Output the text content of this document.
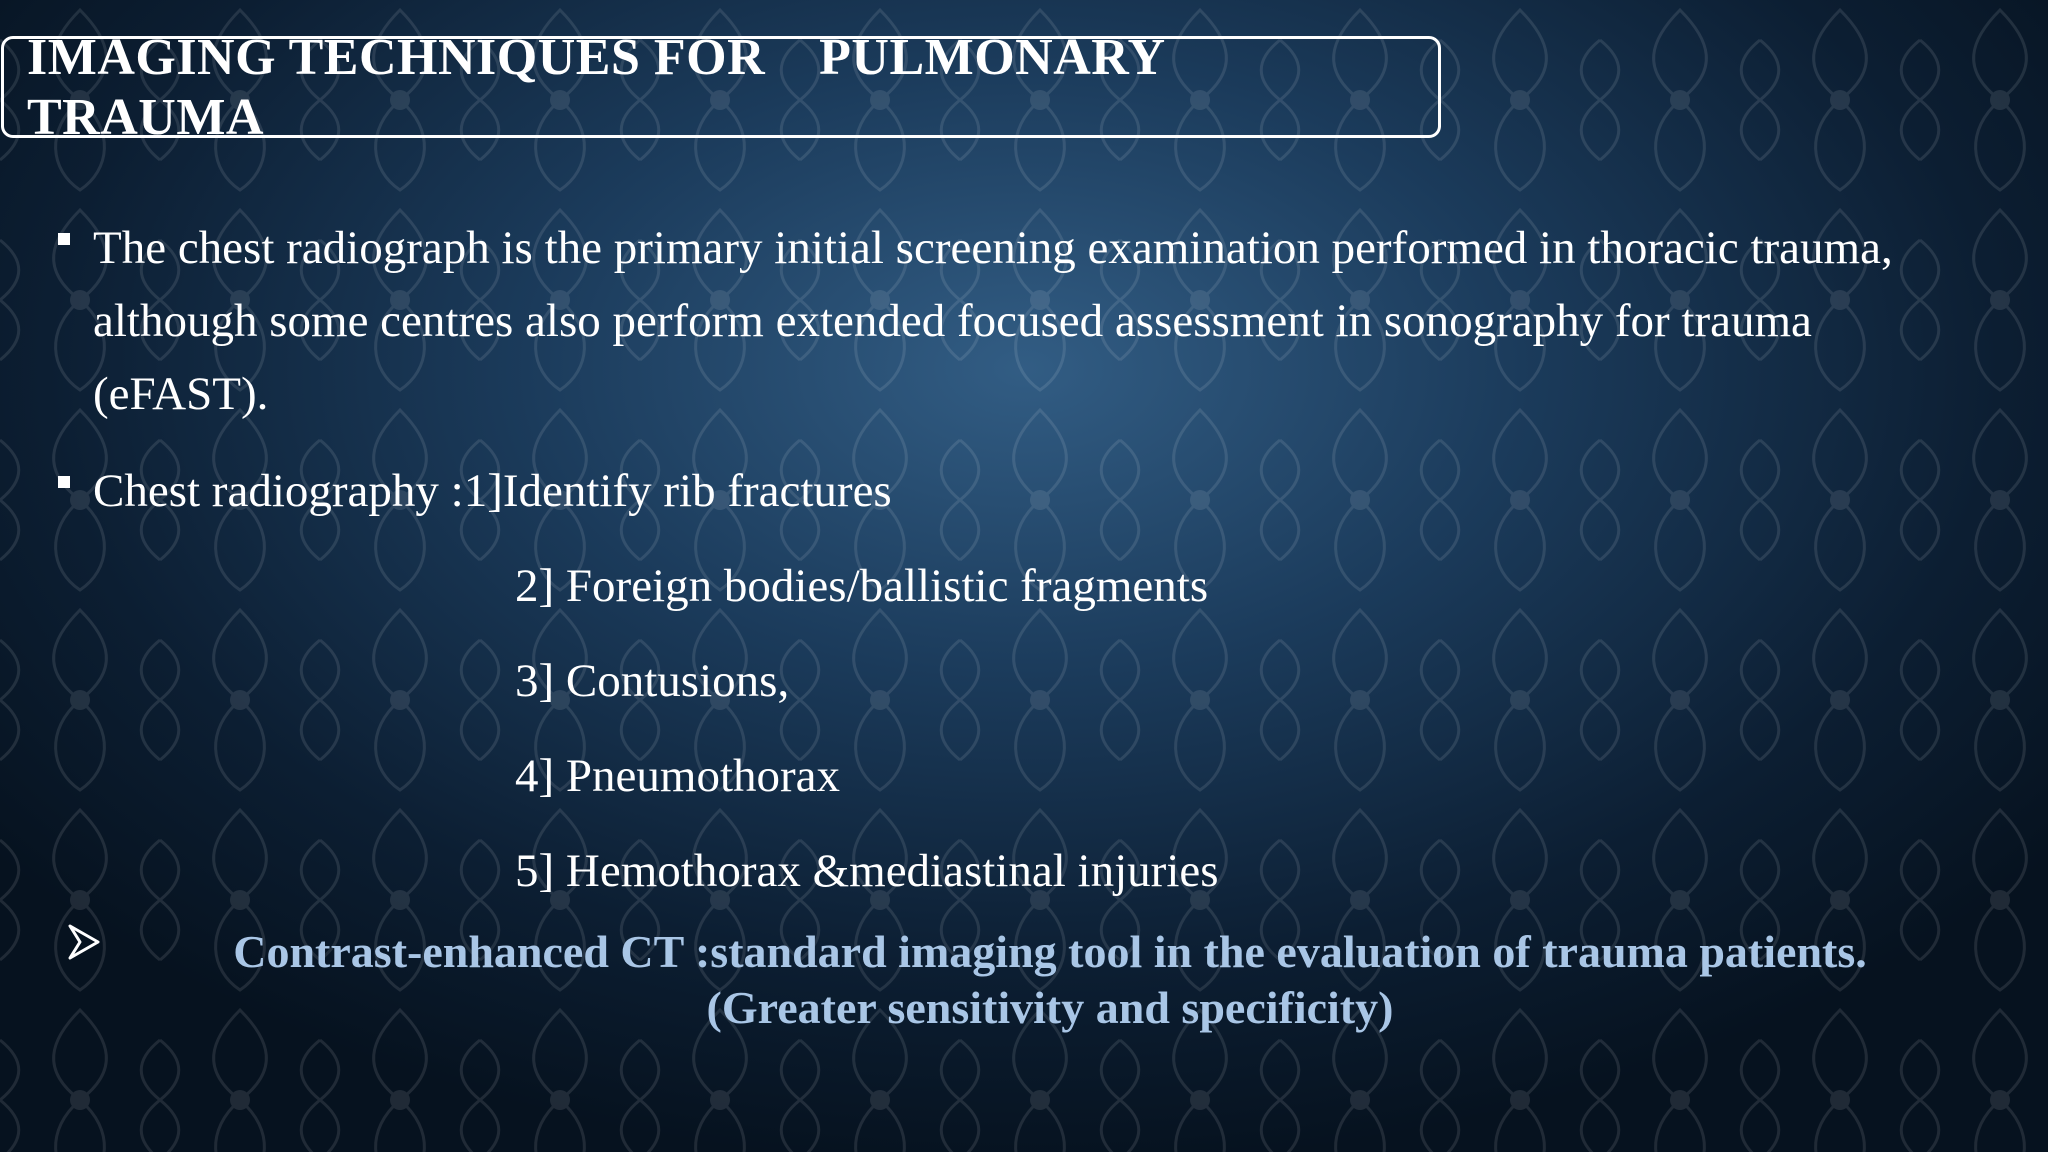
IMAGING TECHNIQUES FOR    PULMONARY
TRAUMA
The chest radiograph is the primary initial screening examination performed in thoracic trauma, although some centres also perform extended focused assessment in sonography for trauma (eFAST).
Chest radiography :1]Identify rib fractures
2] Foreign bodies/ballistic fragments
3] Contusions,
4] Pneumothorax
5] Hemothorax &mediastinal injuries
Contrast-enhanced CT :standard imaging tool in the evaluation of trauma patients.
(Greater sensitivity and specificity)
